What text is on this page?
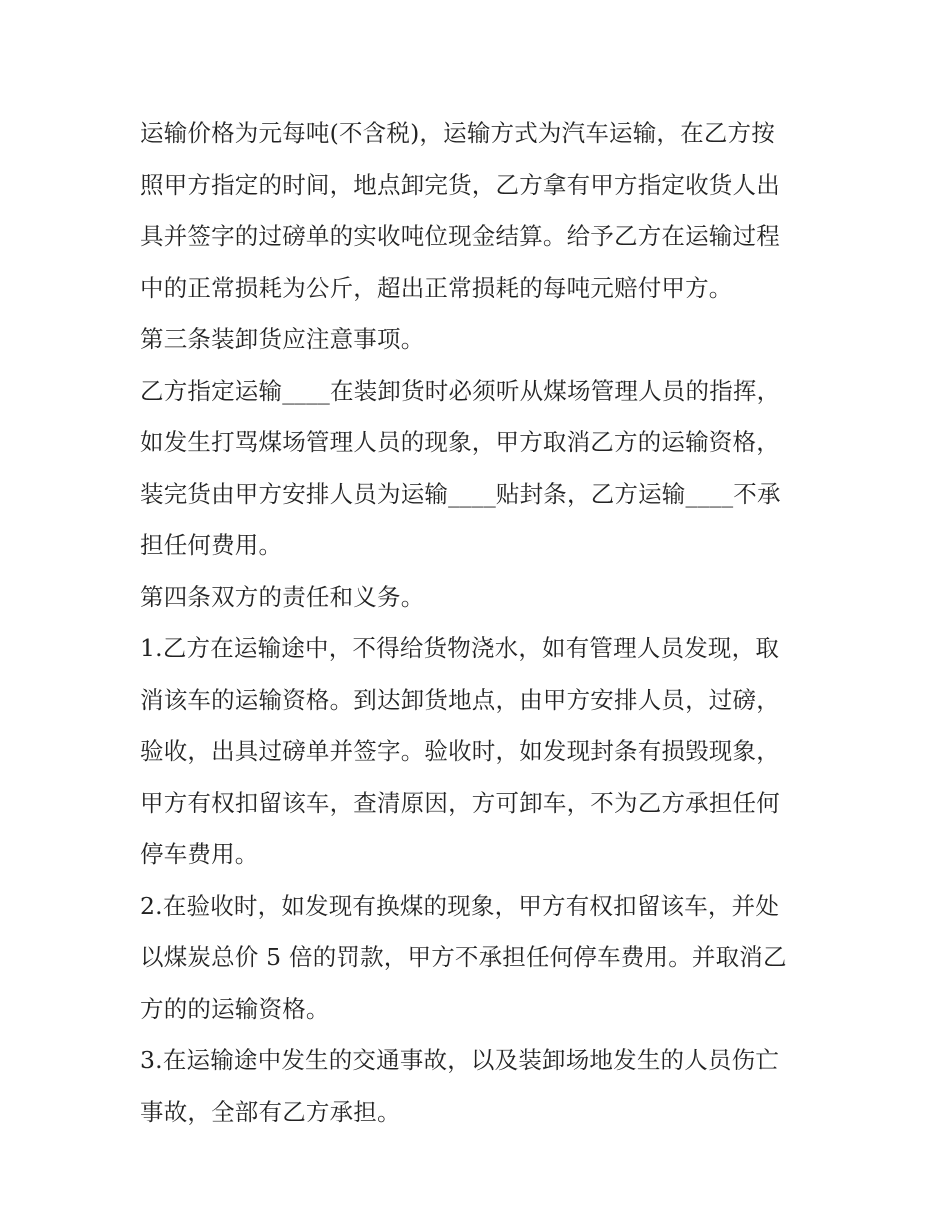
运输价格为元每吨(不含税)，运输方式为汽车运输，在乙方按
照甲方指定的时间，地点卸完货，乙方拿有甲方指定收货人出
具并签字的过磅单的实收吨位现金结算。给予乙方在运输过程
中的正常损耗为公斤，超出正常损耗的每吨元赔付甲方。

第三条装卸货应注意事项。

乙方指定运输____在装卸货时必须听从煤场管理人员的指挥，
如发生打骂煤场管理人员的现象，甲方取消乙方的运输资格，
装完货由甲方安排人员为运输____贴封条，乙方运输____不承
担任何费用。

第四条双方的责任和义务。

1.乙方在运输途中，不得给货物浇水，如有管理人员发现，取
消该车的运输资格。到达卸货地点，由甲方安排人员，过磅，
验收，出具过磅单并签字。验收时，如发现封条有损毁现象，
甲方有权扣留该车，查清原因，方可卸车，不为乙方承担任何
停车费用。

2.在验收时，如发现有换煤的现象，甲方有权扣留该车，并处
以煤炭总价 5 倍的罚款，甲方不承担任何停车费用。并取消乙
方的的运输资格。

3.在运输途中发生的交通事故，以及装卸场地发生的人员伤亡
事故，全部有乙方承担。
